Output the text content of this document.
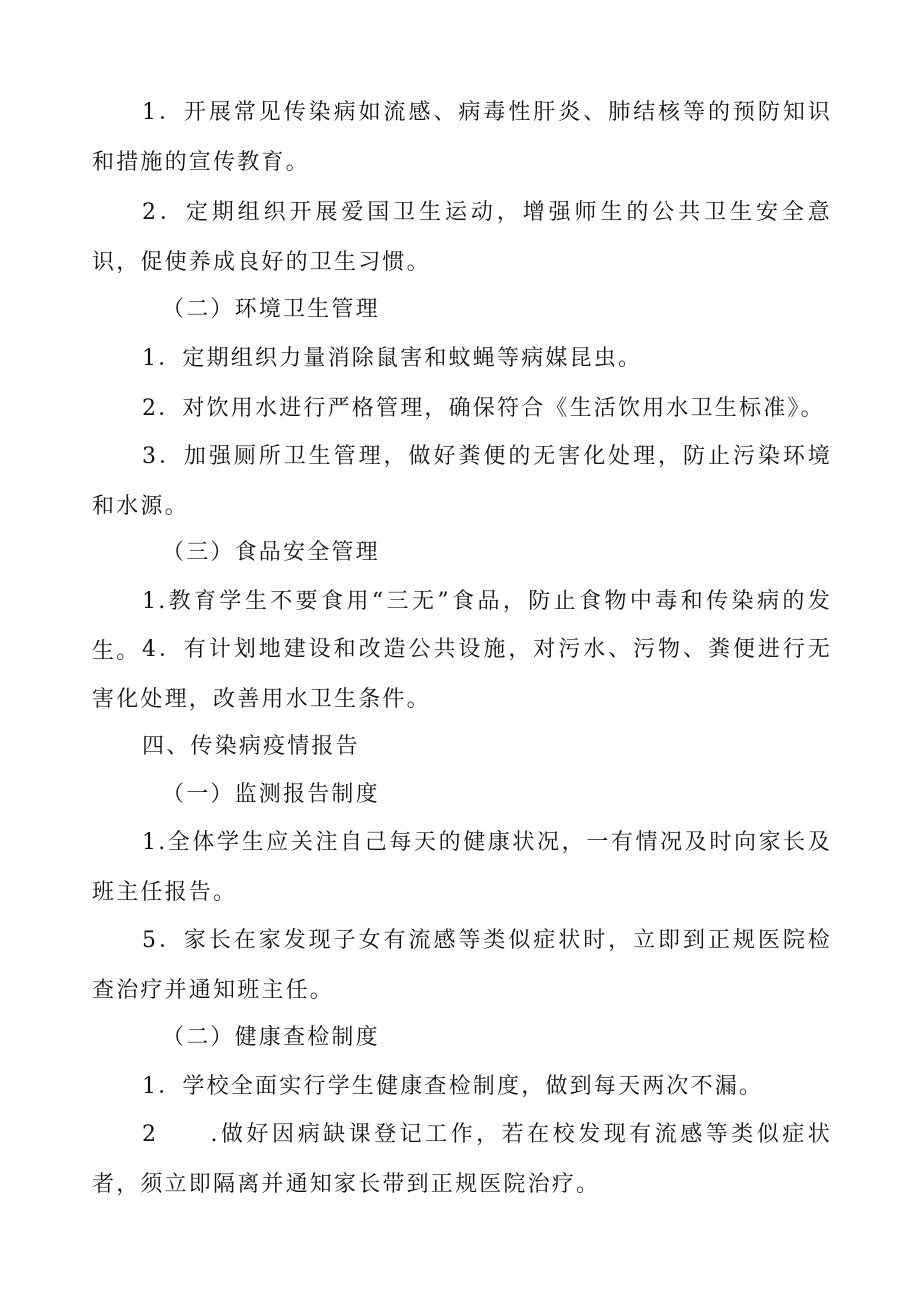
1．开展常见传染病如流感、病毒性肝炎、肺结核等的预防知识和措施的宣传教育。

2．定期组织开展爱国卫生运动，增强师生的公共卫生安全意识，促使养成良好的卫生习惯。

（二）环境卫生管理

1．定期组织力量消除鼠害和蚊蝇等病媒昆虫。

2．对饮用水进行严格管理，确保符合《生活饮用水卫生标准》。

3．加强厕所卫生管理，做好粪便的无害化处理，防止污染环境和水源。

（三）食品安全管理

1.教育学生不要食用“三无”食品，防止食物中毒和传染病的发生。 4．有计划地建设和改造公共设施，对污水、污物、粪便进行无害化处理，改善用水卫生条件。

四、传染病疫情报告

（一）监测报告制度

1.全体学生应关注自己每天的健康状况，一有情况及时向家长及班主任报告。

5．家长在家发现子女有流感等类似症状时，立即到正规医院检查治疗并通知班主任。

（二）健康查检制度

1．学校全面实行学生健康查检制度，做到每天两次不漏。

2　　.做好因病缺课登记工作，若在校发现有流感等类似症状者，须立即隔离并通知家长带到正规医院治疗。
